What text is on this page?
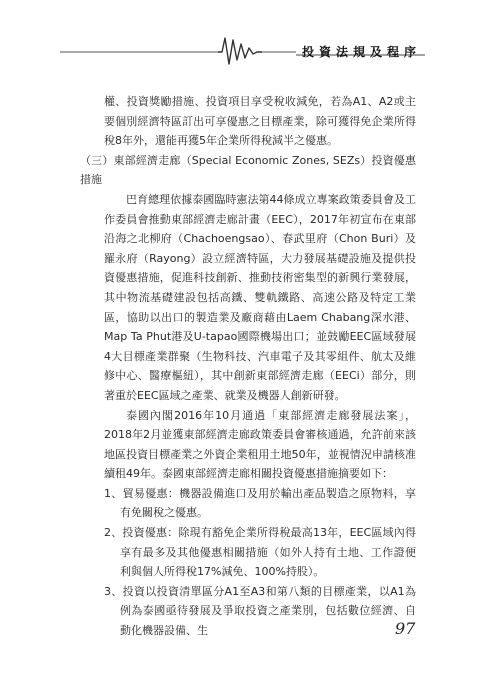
投資法規及程序

權、投資獎勵措施、投資項目享受稅收減免，若為A1、A2或主要個別經濟特區訂出可享優惠之目標產業，除可獲得免企業所得稅8年外，還能再獲5年企業所得稅減半之優惠。

（三）東部經濟走廊（Special Economic Zones, SEZs）投資優惠措施

巴育總理依據泰國臨時憲法第44條成立專案政策委員會及工作委員會推動東部經濟走廊計畫（EEC），2017年初宣布在東部沿海之北柳府（Chachoengsao）、春武里府（Chon Buri）及羅永府（Rayong）設立經濟特區，大力發展基礎設施及提供投資優惠措施，促進科技創新、推動技術密集型的新興行業發展，其中物流基礎建設包括高鐵、雙軌鐵路、高速公路及特定工業區，協助以出口的製造業及廠商藉由Laem Chabang深水港、Map Ta Phut港及U-tapao國際機場出口；並鼓勵EEC區域發展4大目標產業群聚（生物科技、汽車電子及其零組件、航太及維修中心、醫療樞紐），其中創新東部經濟走廊（EECi）部分，則著重於EEC區域之產業、就業及機器人創新研發。

泰國內閣2016年10月通過「東部經濟走廊發展法案」，2018年2月並獲東部經濟走廊政策委員會審核通過，允許前來該地區投資目標產業之外資企業租用土地50年，並視情況申請核准續租49年。泰國東部經濟走廊相關投資優惠措施摘要如下：

1、貿易優惠：機器設備進口及用於輸出產品製造之原物料，享有免關稅之優惠。

2、投資優惠：除現有豁免企業所得稅最高13年，EEC區域內得享有最多及其他優惠相關措施（如外人持有土地、工作證便利與個人所得稅17%減免、100%持股）。

3、投資以投資清單區分A1至A3和第八類的目標產業，以A1為例為泰國亟待發展及爭取投資之產業別，包括數位經濟、自動化機器設備、生	97
